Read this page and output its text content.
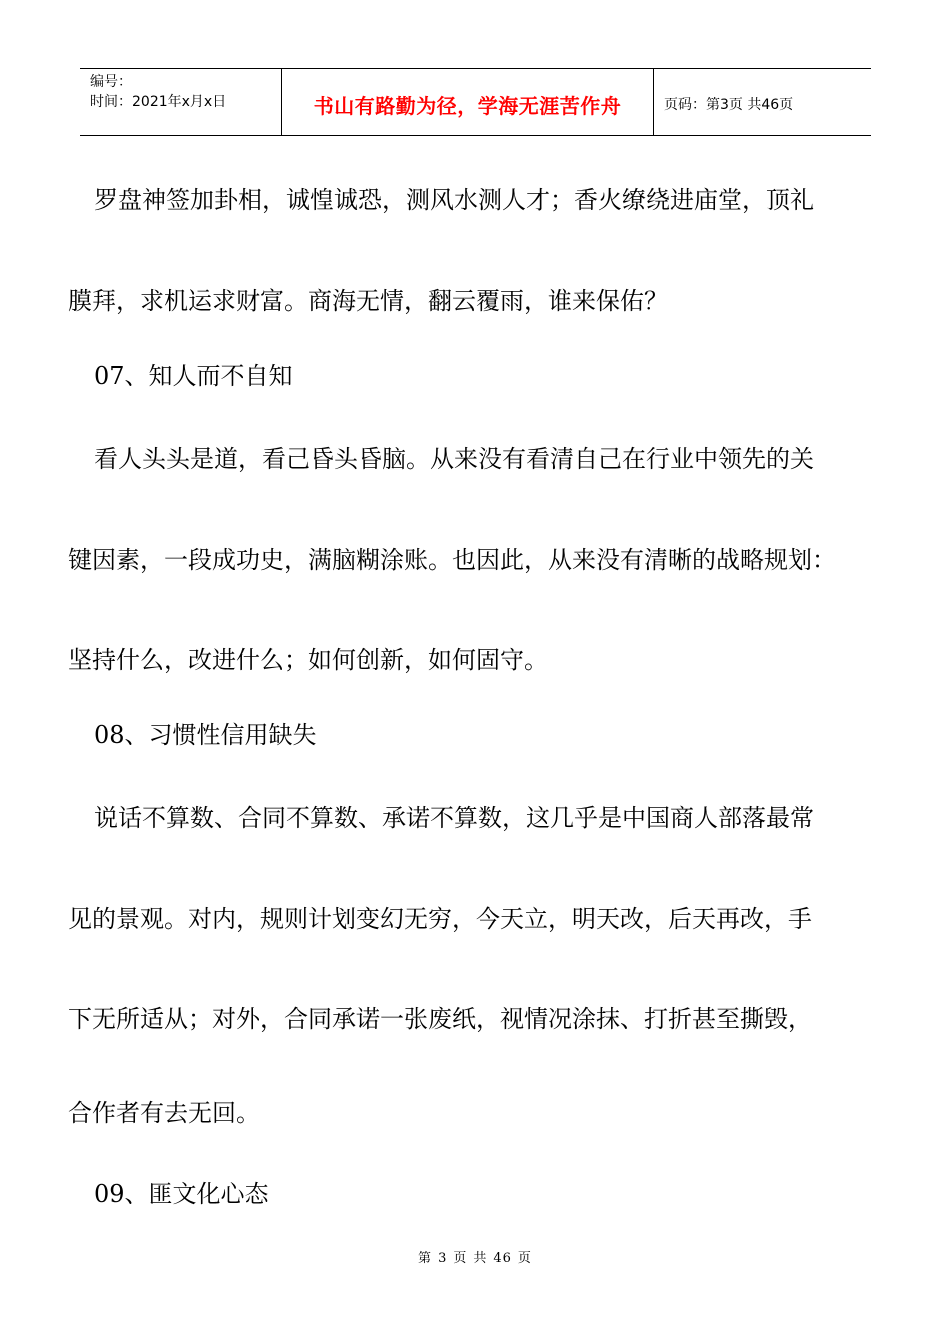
编号：
时间：2021年x月x日	书山有路勤为径，学海无涯苦作舟	页码：第3页 共46页
罗盘神签加卦相，诚惶诚恐，测风水测人才；香火缭绕进庙堂，顶礼
膜拜，求机运求财富。商海无情，翻云覆雨，谁来保佑？
07、知人而不自知
看人头头是道，看己昏头昏脑。从来没有看清自己在行业中领先的关
键因素，一段成功史，满脑糊涂账。也因此，从来没有清晰的战略规划：
坚持什么，改进什么；如何创新，如何固守。
08、习惯性信用缺失
说话不算数、合同不算数、承诺不算数，这几乎是中国商人部落最常
见的景观。对内，规则计划变幻无穷，今天立，明天改，后天再改，手
下无所适从；对外，合同承诺一张废纸，视情况涂抹、打折甚至撕毁，
合作者有去无回。
09、匪文化心态
第 3 页 共 46 页
